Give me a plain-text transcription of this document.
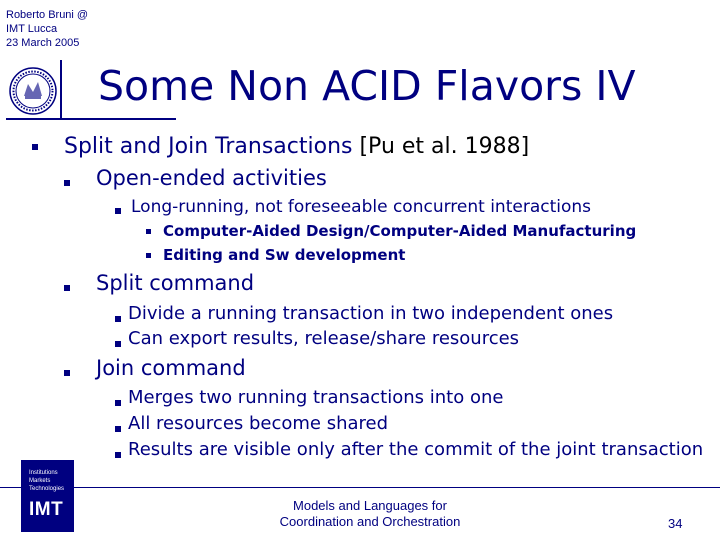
Roberto Bruni @
IMT Lucca
23 March 2005
Some Non ACID Flavors IV
Split and Join Transactions [Pu et al. 1988]
Open-ended activities
Long-running, not foreseeable concurrent interactions
Computer-Aided Design/Computer-Aided Manufacturing
Editing and Sw development
Split command
Divide a running transaction in two independent ones
Can export results, release/share resources
Join command
Merges two running transactions into one
All resources become shared
Results are visible only after the commit of the joint transaction
Institutions
Markets
Technologies
IMT	Models and Languages for
Coordination and Orchestration	34
